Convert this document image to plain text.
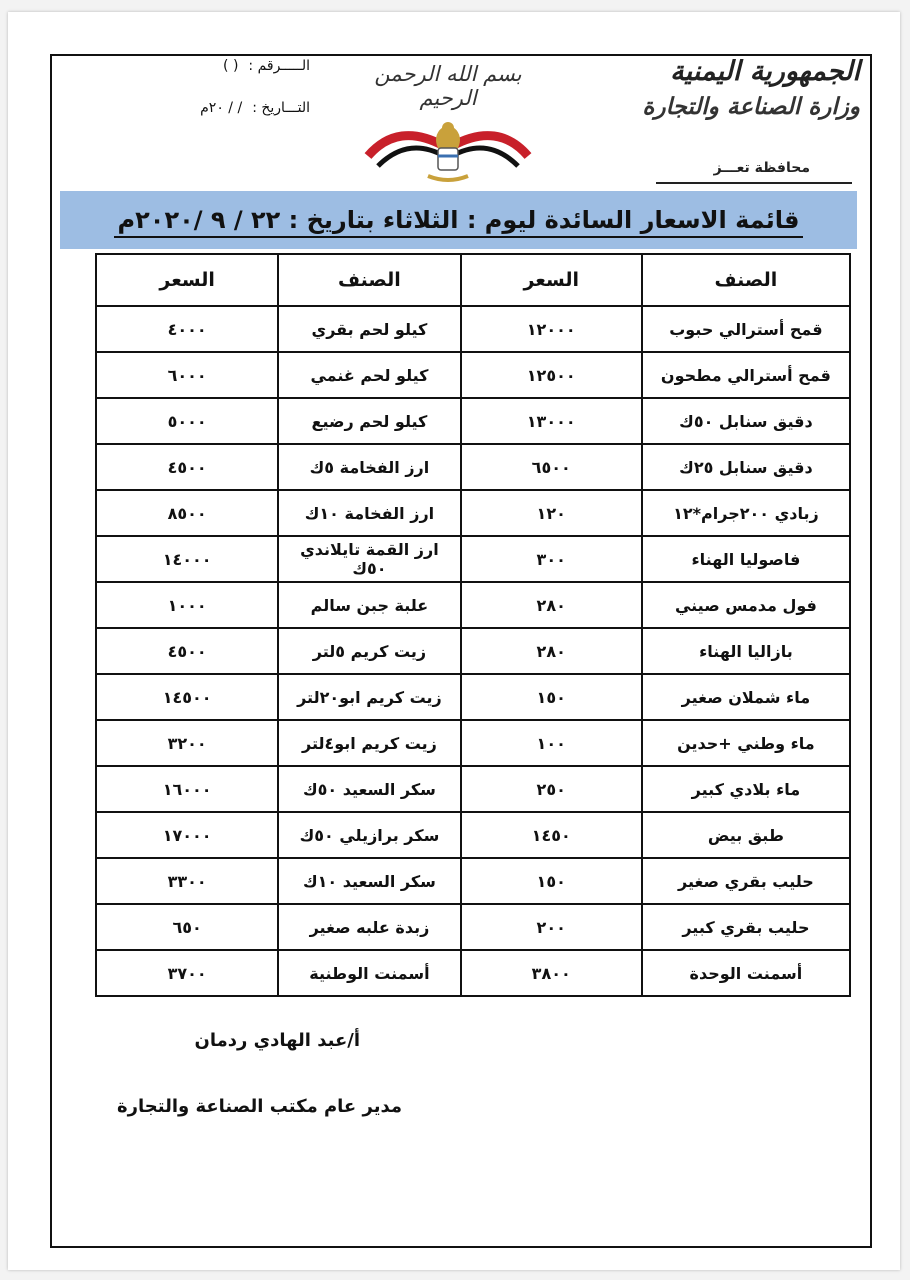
الجمهورية اليمنية
وزارة الصناعة والتجارة
محافظة تعـــز
بسم الله الرحمن الرحيم
الـــــرقم :
( )
التـــاريخ :
/ / ٢٠م
قائمة الاسعار السائدة ليوم : الثلاثاء بتاريخ : ٢٢ / ٩ /٢٠٢٠م
الصنف	السعر	الصنف	السعر
قمح أسترالي حبوب	١٢٠٠٠	كيلو لحم بقري	٤٠٠٠
قمح أسترالي مطحون	١٢٥٠٠	كيلو لحم غنمي	٦٠٠٠
دقيق سنابل ٥٠ك	١٣٠٠٠	كيلو لحم رضيع	٥٠٠٠
دقيق سنابل ٢٥ك	٦٥٠٠	ارز الفخامة ٥ك	٤٥٠٠
زبادي ٢٠٠جرام*١٢	١٢٠	ارز الفخامة ١٠ك	٨٥٠٠
فاصوليا الهناء	٣٠٠	ارز القمة تايلاندي ٥٠ك	١٤٠٠٠
فول مدمس صيني	٢٨٠	علبة جبن سالم	١٠٠٠
بازاليا الهناء	٢٨٠	زيت كريم ٥لتر	٤٥٠٠
ماء شملان صغير	١٥٠	زيت كريم ابو٢٠لتر	١٤٥٠٠
ماء وطني +حدين	١٠٠	زيت كريم ابو٤لتر	٣٢٠٠
ماء بلادي كبير	٢٥٠	سكر السعيد ٥٠ك	١٦٠٠٠
طبق بيض	١٤٥٠	سكر برازيلي ٥٠ك	١٧٠٠٠
حليب بقري صغير	١٥٠	سكر السعيد ١٠ك	٣٣٠٠
حليب بقري كبير	٢٠٠	زبدة علبه صغير	٦٥٠
أسمنت الوحدة	٣٨٠٠	أسمنت الوطنية	٣٧٠٠
أ/عبد الهادي ردمان
مدير عام مكتب الصناعة والتجارة
